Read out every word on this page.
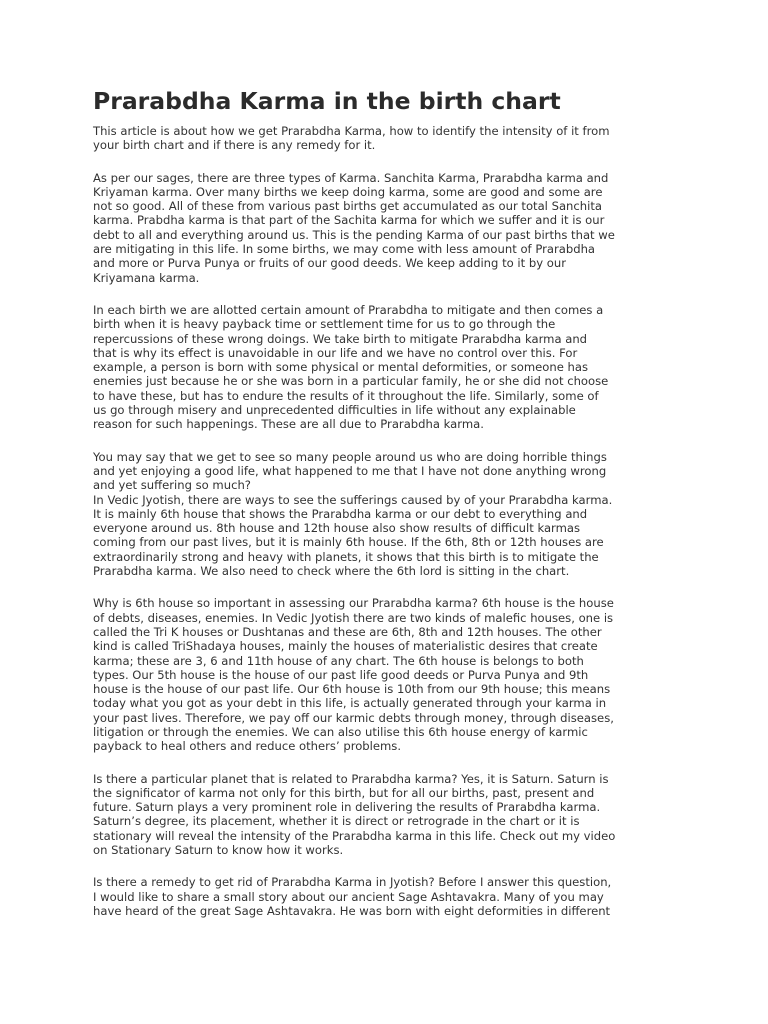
Prarabdha Karma in the birth chart
This article is about how we get Prarabdha Karma, how to identify the intensity of it from
your birth chart and if there is any remedy for it.
As per our sages, there are three types of Karma. Sanchita Karma, Prarabdha karma and
Kriyaman karma. Over many births we keep doing karma, some are good and some are
not so good. All of these from various past births get accumulated as our total Sanchita
karma. Prabdha karma is that part of the Sachita karma for which we suffer and it is our
debt to all and everything around us. This is the pending Karma of our past births that we
are mitigating in this life. In some births, we may come with less amount of Prarabdha
and more or Purva Punya or fruits of our good deeds. We keep adding to it by our
Kriyamana karma.
In each birth we are allotted certain amount of Prarabdha to mitigate and then comes a
birth when it is heavy payback time or settlement time for us to go through the
repercussions of these wrong doings. We take birth to mitigate Prarabdha karma and
that is why its effect is unavoidable in our life and we have no control over this. For
example, a person is born with some physical or mental deformities, or someone has
enemies just because he or she was born in a particular family, he or she did not choose
to have these, but has to endure the results of it throughout the life. Similarly, some of
us go through misery and unprecedented difficulties in life without any explainable
reason for such happenings. These are all due to Prarabdha karma.
You may say that we get to see so many people around us who are doing horrible things
and yet enjoying a good life, what happened to me that I have not done anything wrong
and yet suffering so much?
In Vedic Jyotish, there are ways to see the sufferings caused by of your Prarabdha karma.
It is mainly 6th house that shows the Prarabdha karma or our debt to everything and
everyone around us. 8th house and 12th house also show results of difficult karmas
coming from our past lives, but it is mainly 6th house. If the 6th, 8th or 12th houses are
extraordinarily strong and heavy with planets, it shows that this birth is to mitigate the
Prarabdha karma. We also need to check where the 6th lord is sitting in the chart.
Why is 6th house so important in assessing our Prarabdha karma? 6th house is the house
of debts, diseases, enemies. In Vedic Jyotish there are two kinds of malefic houses, one is
called the Tri K houses or Dushtanas and these are 6th, 8th and 12th houses. The other
kind is called TriShadaya houses, mainly the houses of materialistic desires that create
karma; these are 3, 6 and 11th house of any chart. The 6th house is belongs to both
types. Our 5th house is the house of our past life good deeds or Purva Punya and 9th
house is the house of our past life. Our 6th house is 10th from our 9th house; this means
today what you got as your debt in this life, is actually generated through your karma in
your past lives. Therefore, we pay off our karmic debts through money, through diseases,
litigation or through the enemies. We can also utilise this 6th house energy of karmic
payback to heal others and reduce others’ problems.
Is there a particular planet that is related to Prarabdha karma? Yes, it is Saturn. Saturn is
the significator of karma not only for this birth, but for all our births, past, present and
future. Saturn plays a very prominent role in delivering the results of Prarabdha karma.
Saturn’s degree, its placement, whether it is direct or retrograde in the chart or it is
stationary will reveal the intensity of the Prarabdha karma in this life. Check out my video
on Stationary Saturn to know how it works.
Is there a remedy to get rid of Prarabdha Karma in Jyotish? Before I answer this question,
I would like to share a small story about our ancient Sage Ashtavakra. Many of you may
have heard of the great Sage Ashtavakra. He was born with eight deformities in different
